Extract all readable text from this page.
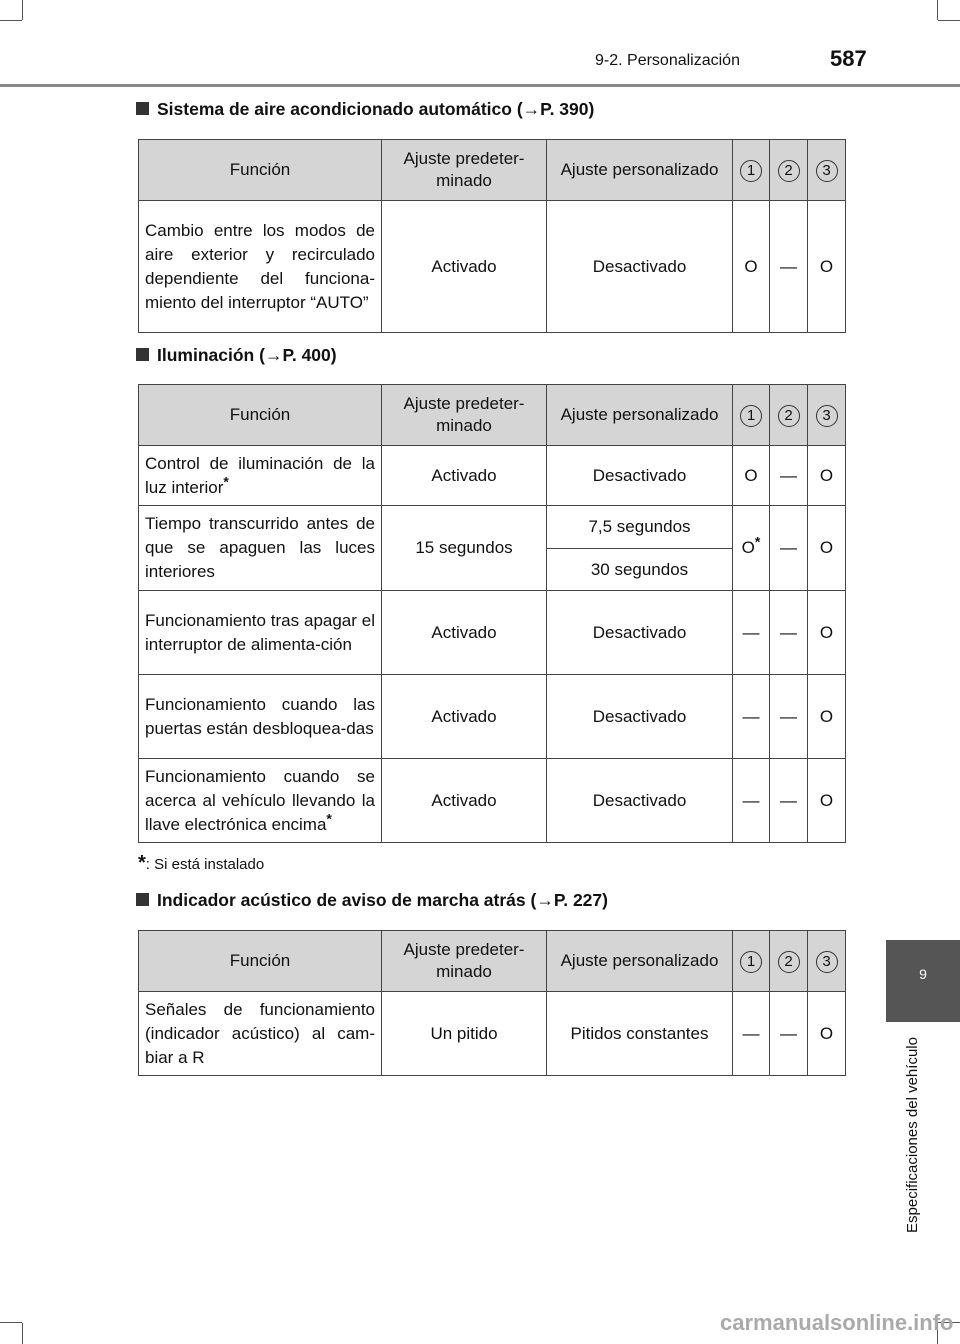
9-2. Personalización	587
9
Especificaciones del vehículo
Sistema de aire acondicionado automático (→P. 390)
Función	Ajuste predeter-minado	Ajuste personalizado	1	2	3
Cambio entre los modos de aire exterior y recirculado dependiente del funciona-miento del interruptor “AUTO”	Activado	Desactivado	O	—	O
Iluminación (→P. 400)
Función	Ajuste predeter-minado	Ajuste personalizado	1	2	3
Control de iluminación de la luz interior*	Activado	Desactivado	O	—	O
Tiempo transcurrido antes de que se apaguen las luces interiores	15 segundos	7,5 segundos	O*	—	O
		30 segundos			
Funcionamiento tras apagar el interruptor de alimenta-ción	Activado	Desactivado	—	—	O
Funcionamiento cuando las puertas están desbloquea-das	Activado	Desactivado	—	—	O
Funcionamiento cuando se acerca al vehículo llevando la llave electrónica encima*	Activado	Desactivado	—	—	O
*: Si está instalado
Indicador acústico de aviso de marcha atrás (→P. 227)
Función	Ajuste predeter-minado	Ajuste personalizado	1	2	3
Señales de funcionamiento (indicador acústico) al cam-biar a R	Un pitido	Pitidos constantes	—	—	O
carmanualsonline.info
